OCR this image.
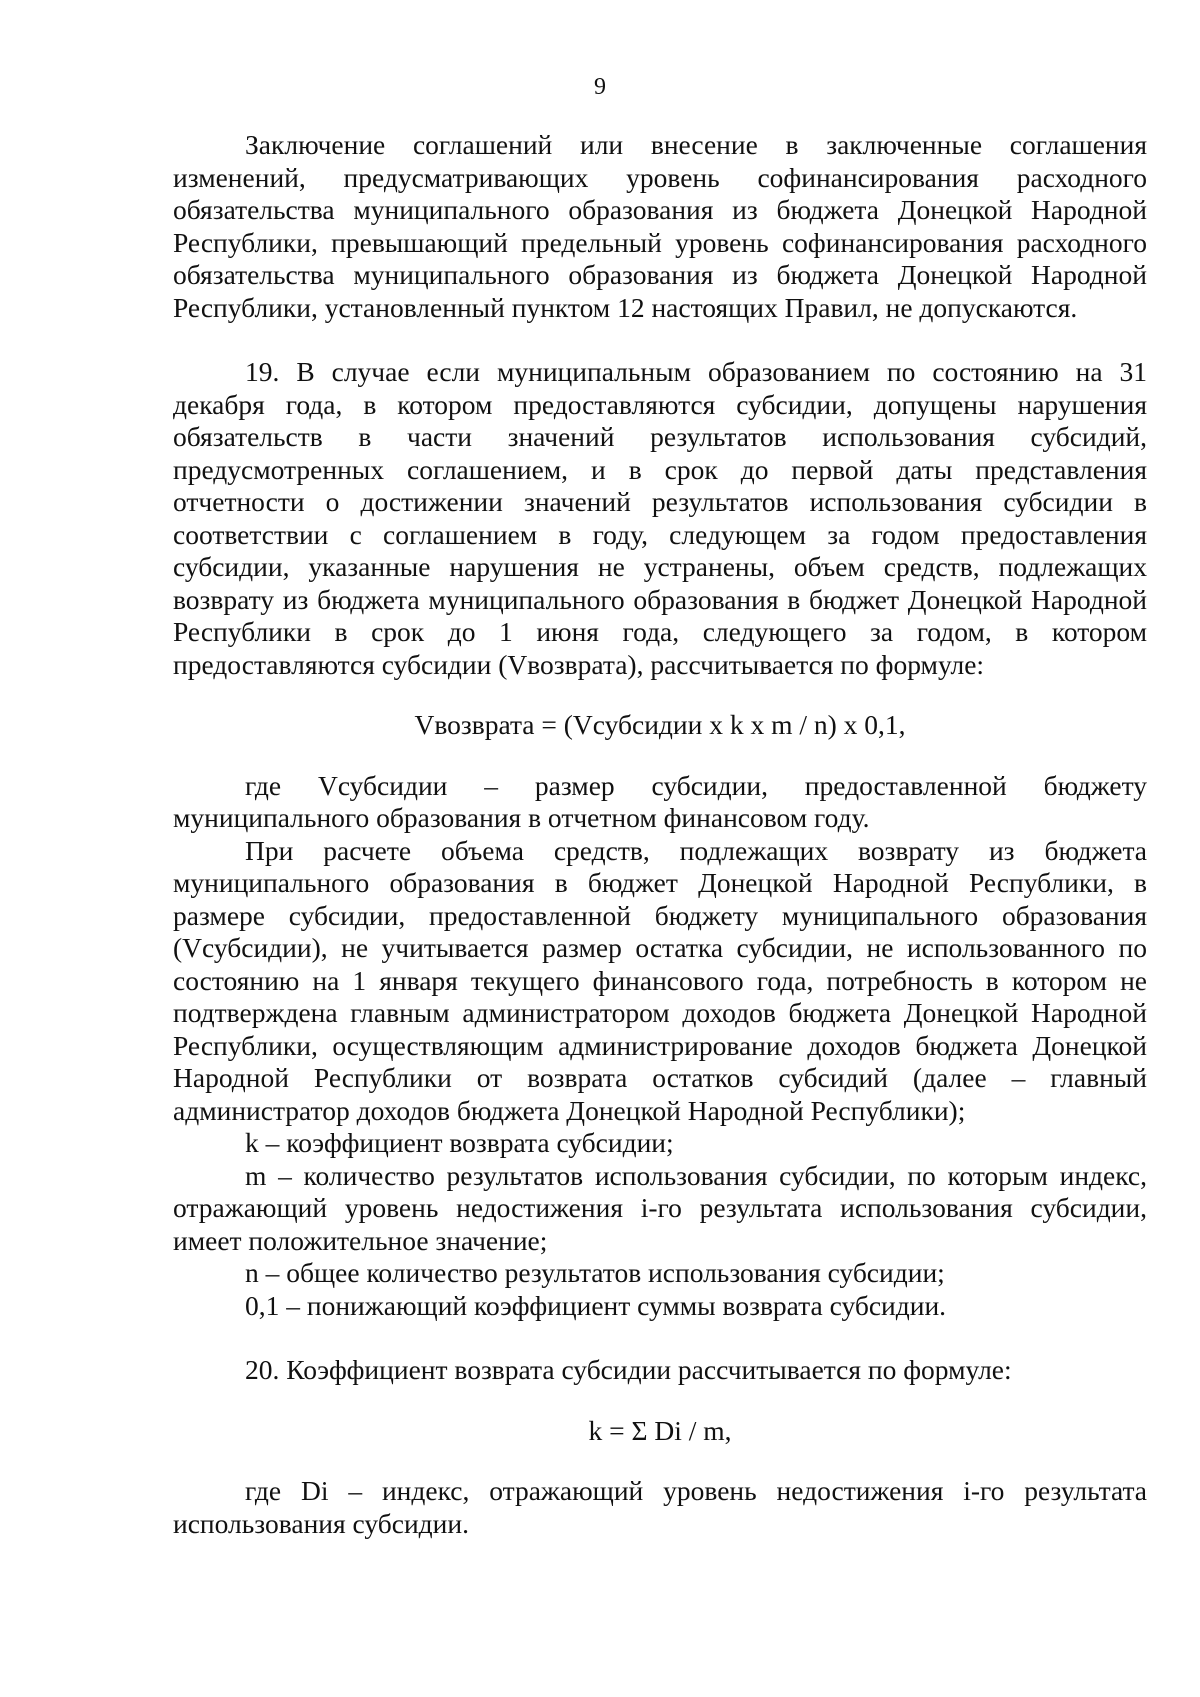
9

Заключение соглашений или внесение в заключенные соглашения изменений, предусматривающих уровень софинансирования расходного обязательства муниципального образования из бюджета Донецкой Народной Республики, превышающий предельный уровень софинансирования расходного обязательства муниципального образования из бюджета Донецкой Народной Республики, установленный пунктом 12 настоящих Правил, не допускаются.

19. В случае если муниципальным образованием по состоянию на 31 декабря года, в котором предоставляются субсидии, допущены нарушения обязательств в части значений результатов использования субсидий, предусмотренных соглашением, и в срок до первой даты представления отчетности о достижении значений результатов использования субсидии в соответствии с соглашением в году, следующем за годом предоставления субсидии, указанные нарушения не устранены, объем средств, подлежащих возврату из бюджета муниципального образования в бюджет Донецкой Народной Республики в срок до 1 июня года, следующего за годом, в котором предоставляются субсидии (Vвозврата), рассчитывается по формуле:

Vвозврата = (Vсубсидии x k x m / n) x 0,1,

где Vсубсидии – размер субсидии, предоставленной бюджету муниципального образования в отчетном финансовом году.

При расчете объема средств, подлежащих возврату из бюджета муниципального образования в бюджет Донецкой Народной Республики, в размере субсидии, предоставленной бюджету муниципального образования (Vсубсидии), не учитывается размер остатка субсидии, не использованного по состоянию на 1 января текущего финансового года, потребность в котором не подтверждена главным администратором доходов бюджета Донецкой Народной Республики, осуществляющим администрирование доходов бюджета Донецкой Народной Республики от возврата остатков субсидий (далее – главный администратор доходов бюджета Донецкой Народной Республики);

k – коэффициент возврата субсидии;

m – количество результатов использования субсидии, по которым индекс, отражающий уровень недостижения i-го результата использования субсидии, имеет положительное значение;

n – общее количество результатов использования субсидии;

0,1 – понижающий коэффициент суммы возврата субсидии.

20. Коэффициент возврата субсидии рассчитывается по формуле:

k = Σ Di / m,

где Di – индекс, отражающий уровень недостижения i-го результата использования субсидии.
